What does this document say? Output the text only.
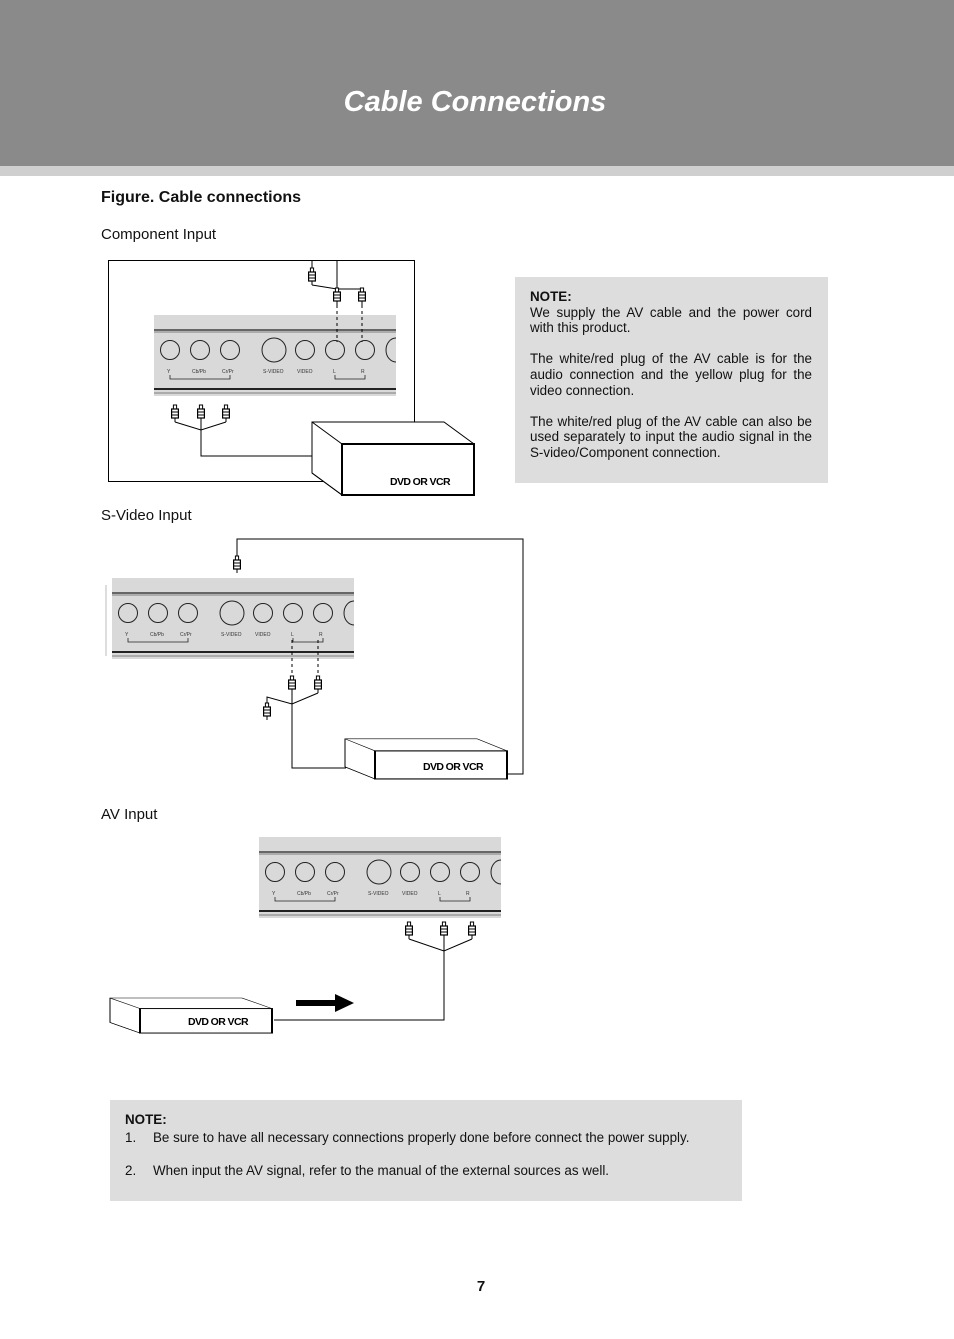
Cable Connections
Figure. Cable connections
Component Input
S-Video Input
AV Input
NOTE:

We supply the AV cable and the power cord with this product.

The white/red plug of the AV cable is for the audio connection and the yellow plug for the video connection.

The white/red plug of the AV cable can also be used separately to input the audio signal in the S-video/Component connection.

NOTE:
1. Be sure to have all necessary connections properly done before connect the power supply.
2. When input the AV signal, refer to the manual of the external sources as well.
Y	Cb/Pb	Cr/Pr	S-VIDEO	VIDEO	L	R
DVD OR VCR
Y	Cb/Pb	Cr/Pr	S-VIDEO	VIDEO	L	R
DVD OR VCR
Y	Cb/Pb	Cr/Pr	S-VIDEO	VIDEO	L	R
DVD OR VCR
7
